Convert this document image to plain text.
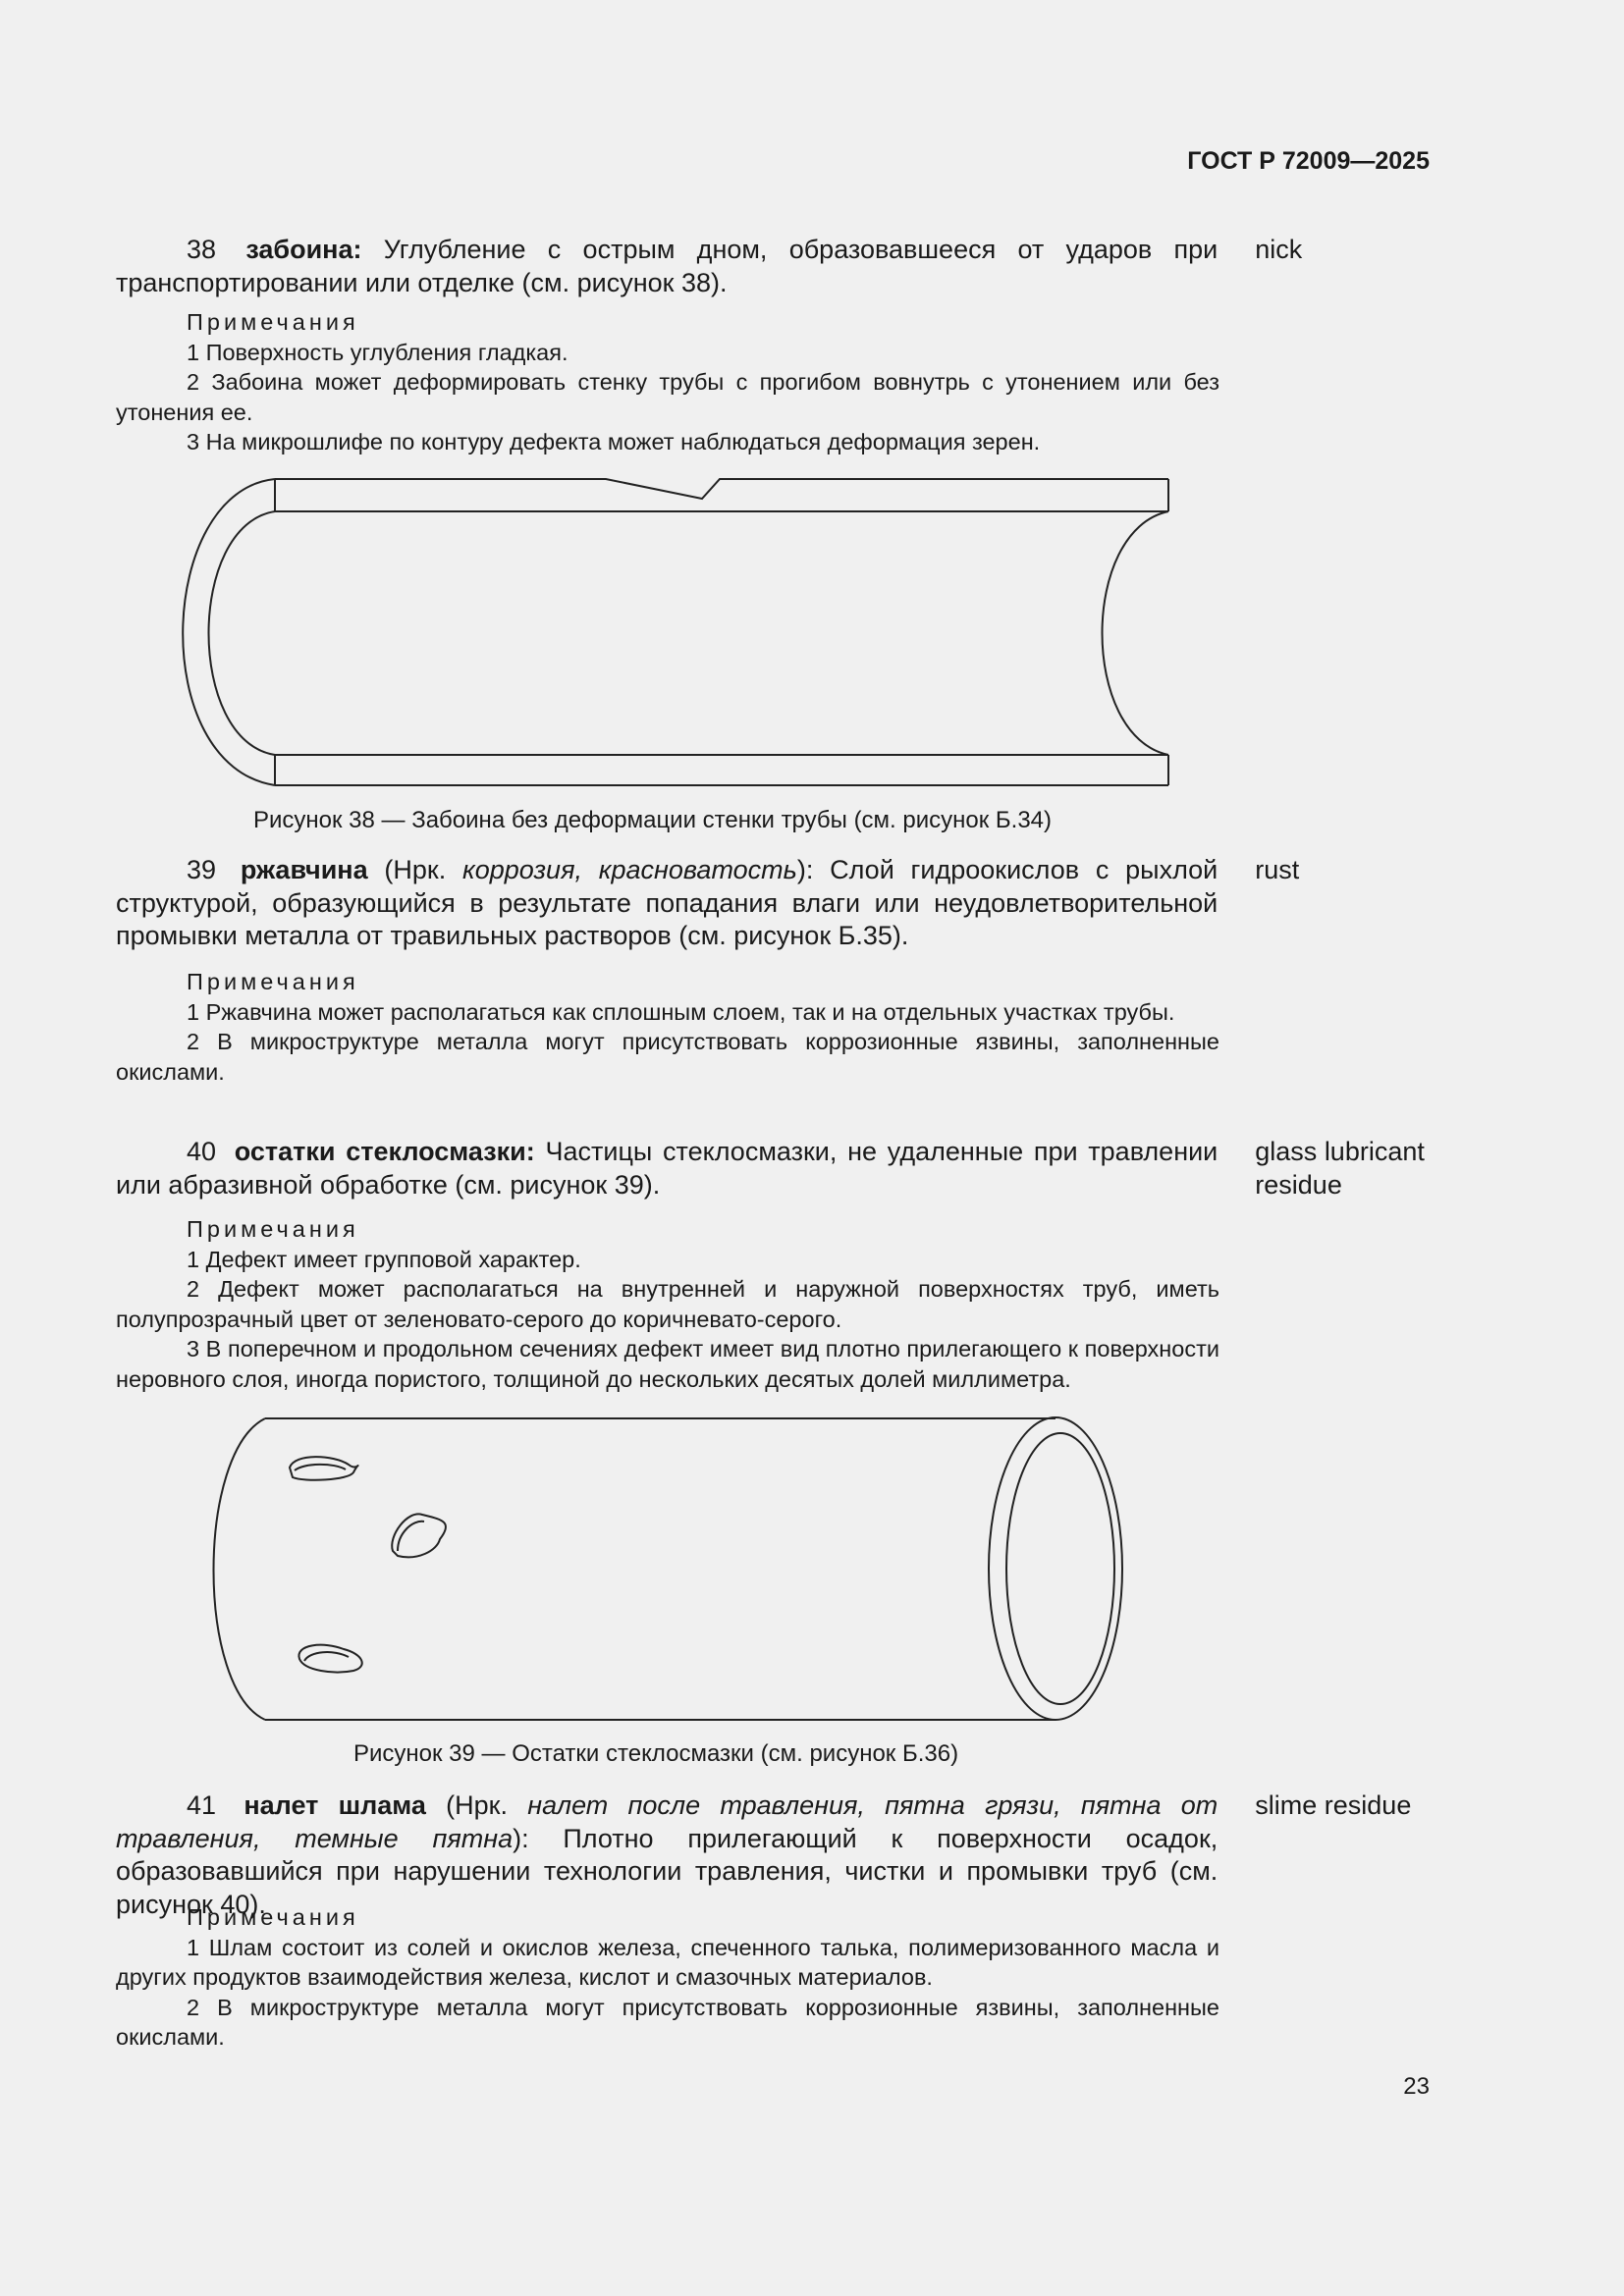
ГОСТ Р 72009—2025
38 забоина: Углубление с острым дном, образовавшееся от ударов при транспортировании или отделке (см. рисунок 38).
nick
Примечания
1 Поверхность углубления гладкая.
2 Забоина может деформировать стенку трубы с прогибом вовнутрь с утонением или без утонения ее.
3 На микрошлифе по контуру дефекта может наблюдаться деформация зерен.
Рисунок 38 — Забоина без деформации стенки трубы (см. рисунок Б.34)
39 ржавчина (Нрк. коррозия, красноватость): Слой гидроокислов с рыхлой структурой, образующийся в результате попадания влаги или неудовлетворительной промывки металла от травильных растворов (см. рисунок Б.35).
rust
Примечания
1 Ржавчина может располагаться как сплошным слоем, так и на отдельных участках трубы.
2 В микроструктуре металла могут присутствовать коррозионные язвины, заполненные окислами.
40 остатки стеклосмазки: Частицы стеклосмазки, не удаленные при травлении или абразивной обработке (см. рисунок 39).
glass lubricant residue
Примечания
1 Дефект имеет групповой характер.
2 Дефект может располагаться на внутренней и наружной поверхностях труб, иметь полупрозрачный цвет от зеленовато-серого до коричневато-серого.
3 В поперечном и продольном сечениях дефект имеет вид плотно прилегающего к поверхности неровного слоя, иногда пористого, толщиной до нескольких десятых долей миллиметра.
Рисунок 39 — Остатки стеклосмазки (см. рисунок Б.36)
41 налет шлама (Нрк. налет после травления, пятна грязи, пятна от травления, темные пятна): Плотно прилегающий к поверхности осадок, образовавшийся при нарушении технологии травления, чистки и промывки труб (см. рисунок 40).
slime residue
Примечания
1 Шлам состоит из солей и окислов железа, спеченного талька, полимеризованного масла и других продуктов взаимодействия железа, кислот и смазочных материалов.
2 В микроструктуре металла могут присутствовать коррозионные язвины, заполненные окислами.
23
